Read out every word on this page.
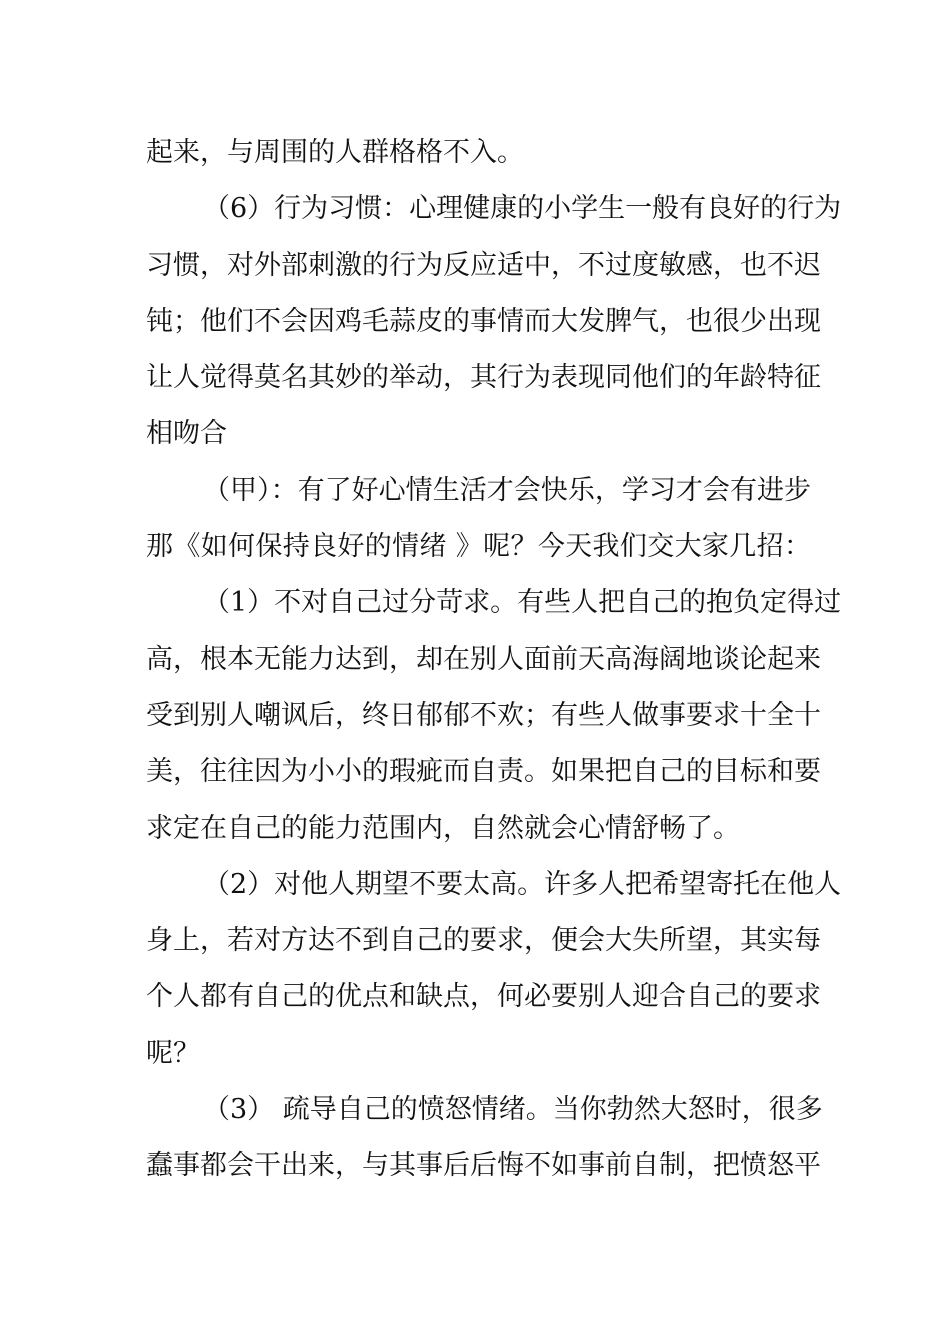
起来，与周围的人群格格不入。
（6）行为习惯：心理健康的小学生一般有良好的行为
习惯，对外部刺激的行为反应适中，不过度敏感，也不迟
钝；他们不会因鸡毛蒜皮的事情而大发脾气，也很少出现
让人觉得莫名其妙的举动，其行为表现同他们的年龄特征
相吻合
（甲）：有了好心情生活才会快乐，学习才会有进步
那《如何保持良好的情绪 》呢？今天我们交大家几招：
（1）不对自己过分苛求。有些人把自己的抱负定得过
高，根本无能力达到，却在别人面前天高海阔地谈论起来
受到别人嘲讽后，终日郁郁不欢；有些人做事要求十全十
美，往往因为小小的瑕疵而自责。如果把自己的目标和要
求定在自己的能力范围内，自然就会心情舒畅了。
（2）对他人期望不要太高。许多人把希望寄托在他人
身上，若对方达不到自己的要求，便会大失所望，其实每
个人都有自己的优点和缺点，何必要别人迎合自己的要求
呢？
（3） 疏导自己的愤怒情绪。当你勃然大怒时，很多
蠢事都会干出来，与其事后后悔不如事前自制，把愤怒平
